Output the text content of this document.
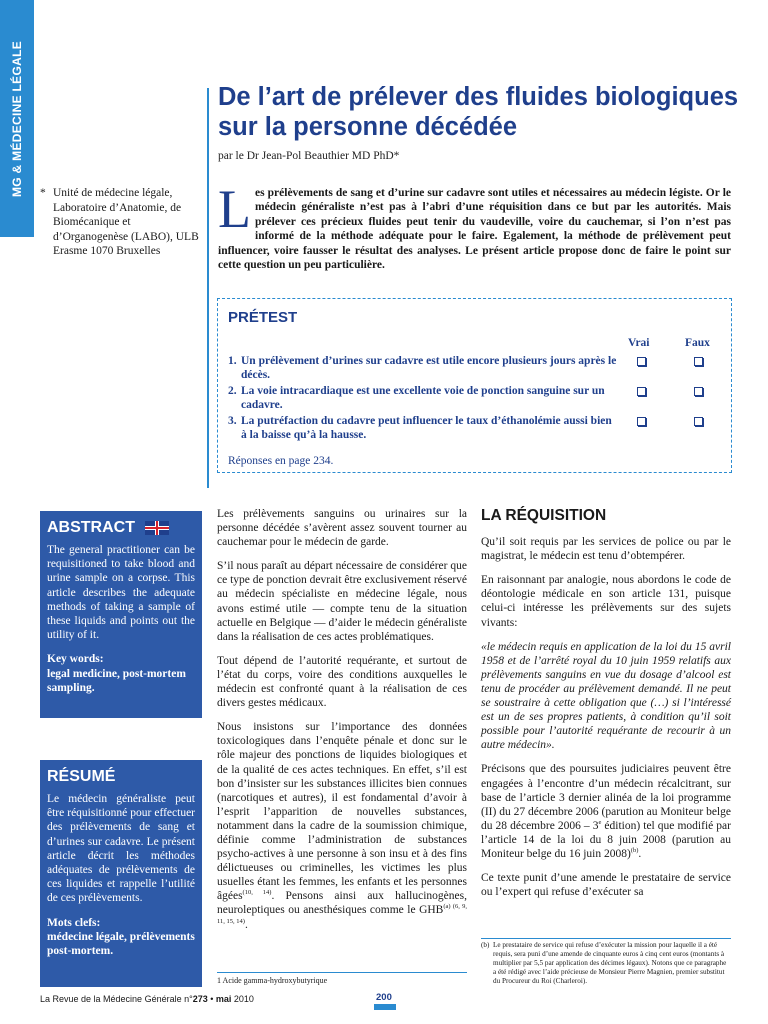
MG & MÉDECINE LÉGALE	De l’art de prélever des fluides biologiques sur la personne décédée
par le Dr Jean-Pol Beauthier MD PhD*
* Unité de médecine légale, Laboratoire d’Anatomie, de Biomécanique et d’Organogenèse (LABO), ULB Erasme 1070 Bruxelles
Les prélèvements de sang et d’urine sur cadavre sont utiles et nécessaires au médecin légiste. Or le médecin généraliste n’est pas à l’abri d’une réquisition dans ce but par les autorités. Mais prélever ces précieux fluides peut tenir du vaudeville, voire du cauchemar, si l’on n’est pas informé de la méthode adéquate pour le faire. Egalement, la méthode de prélèvement peut influencer, voire fausser le résultat des analyses. Le présent article propose donc de faire le point sur cette question un peu particulière.
PRÉTEST
Vrai	Faux
1. Un prélèvement d’urines sur cadavre est utile encore plusieurs jours après le décès.
2. La voie intracardiaque est une excellente voie de ponction sanguine sur un cadavre.
3. La putréfaction du cadavre peut influencer le taux d’éthanolémie aussi bien à la baisse qu’à la hausse.
Réponses en page 234.
ABSTRACT

The general practitioner can be requisitioned to take blood and urine sample on a corpse. This article describes the adequate methods of taking a sample of these liquids and points out the utility of it.

Key words:
legal medicine, post-mortem sampling.

RÉSUMÉ

Le médecin généraliste peut être réquisitionné pour effectuer des prélèvements de sang et d’urines sur cadavre. Le présent article décrit les méthodes adéquates de prélèvements de ces liquides et rappelle l’utilité de ces prélèvements.

Mots clefs:
médecine légale, prélèvements post-mortem.

Les prélèvements sanguins ou urinaires sur la personne décédée s’avèrent assez souvent tourner au cauchemar pour le médecin de garde.

S’il nous paraît au départ nécessaire de considérer que ce type de ponction devrait être exclusivement réservé au médecin spécialiste en médecine légale, nous avons estimé utile — compte tenu de la situation actuelle en Belgique — d’aider le médecin généraliste dans la réalisation de ces actes problématiques.

Tout dépend de l’autorité requérante, et surtout de l’état du corps, voire des conditions auxquelles le médecin est confronté quant à la réalisation de ces divers gestes médicaux.

Nous insistons sur l’importance des données toxicologiques dans l’enquête pénale et donc sur le rôle majeur des ponctions de liquides biologiques et de la qualité de ces actes techniques. En effet, s’il est bon d’insister sur les substances illicites bien connues (narcotiques et autres), il est fondamental d’avoir à l’esprit l’apparition de nouvelles substances, notamment dans la cadre de la soumission chimique, définie comme l’administration de substances psycho-actives à une personne à son insu et à des fins délictueuses ou criminelles, les victimes les plus usuelles étant les femmes, les enfants et les personnes âgées$^{(10, 14)}$. Pensons ainsi aux hallucinogènes, neuroleptiques ou anesthésiques comme le $GHB^{(a) (6, 9, 11, 15, 14)}$.

LA RÉQUISITION

Qu’il soit requis par les services de police ou par le magistrat, le médecin est tenu d’obtempérer.

En raisonnant par analogie, nous abordons le code de déontologie médicale en son article 131, puisque celui-ci intéresse les prélèvements sur des sujets vivants:

«le médecin requis en application de la loi du 15 avril 1958 et de l’arrêté royal du 10 juin 1959 relatifs aux prélèvements sanguins en vue du dosage d’alcool est tenu de procéder au prélèvement demandé. Il ne peut se soustraire à cette obligation que (…) si l’intéressé est un de ses propres patients, à condition qu’il soit possible pour l’autorité requérante de recourir à un autre médecin».

Précisons que des poursuites judiciaires peuvent être engagées à l’encontre d’un médecin récalcitrant, sur base de l’article 3 dernier alinéa de la loi programme (II) du 27 décembre 2006 (parution au Moniteur belge du 28 décembre 2006 – 3e édition) tel que modifié par l’article 14 de la loi du 8 juin 2008 (parution au Moniteur belge du 16 juin 2008)$^{(b)}$.

Ce texte punit d’une amende le prestataire de service ou l’expert qui refuse d’exécuter sa

1 Acide gamma-hydroxybutyrique
(b) Le prestataire de service qui refuse d’exécuter la mission pour laquelle il a été requis, sera puni d’une amende de cinquante euros à cinq cent euros (montants à multiplier par 5,5 par application des décimes légaux). Notons que ce paragraphe a été rédigé avec l’aide précieuse de Monsieur Pierre Magnien, premier substitut du Procureur du Roi (Charleroi).
La Revue de la Médecine Générale n°273 • mai 2010	200
